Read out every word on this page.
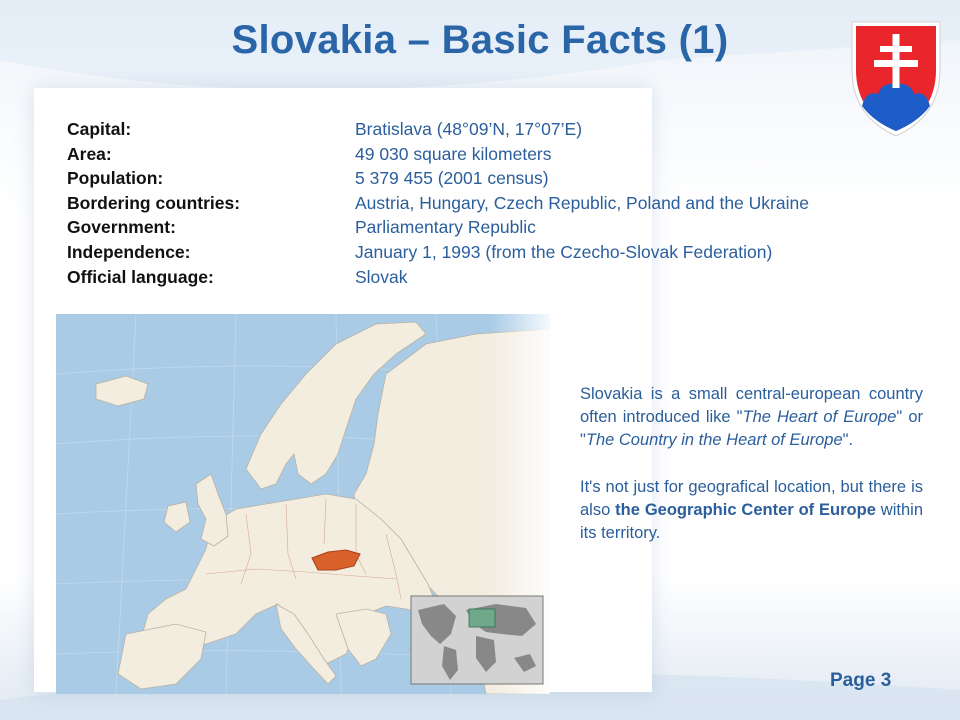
Slovakia – Basic Facts (1)
Capital:	Bratislava (48°09’N, 17°07’E)
Area:	49 030 square kilometers
Population:	5 379 455 (2001 census)
Bordering countries:	Austria, Hungary, Czech Republic, Poland and the Ukraine
Government:	Parliamentary Republic
Independence:	January 1, 1993 (from the Czecho-Slovak Federation)
Official language:	Slovak

Slovakia is a small central-european country often introduced like "The Heart of Europe" or "The Country in the Heart of Europe".

It's not just for geografical location, but there is also the Geographic Center of Europe within its territory.

Page 3
